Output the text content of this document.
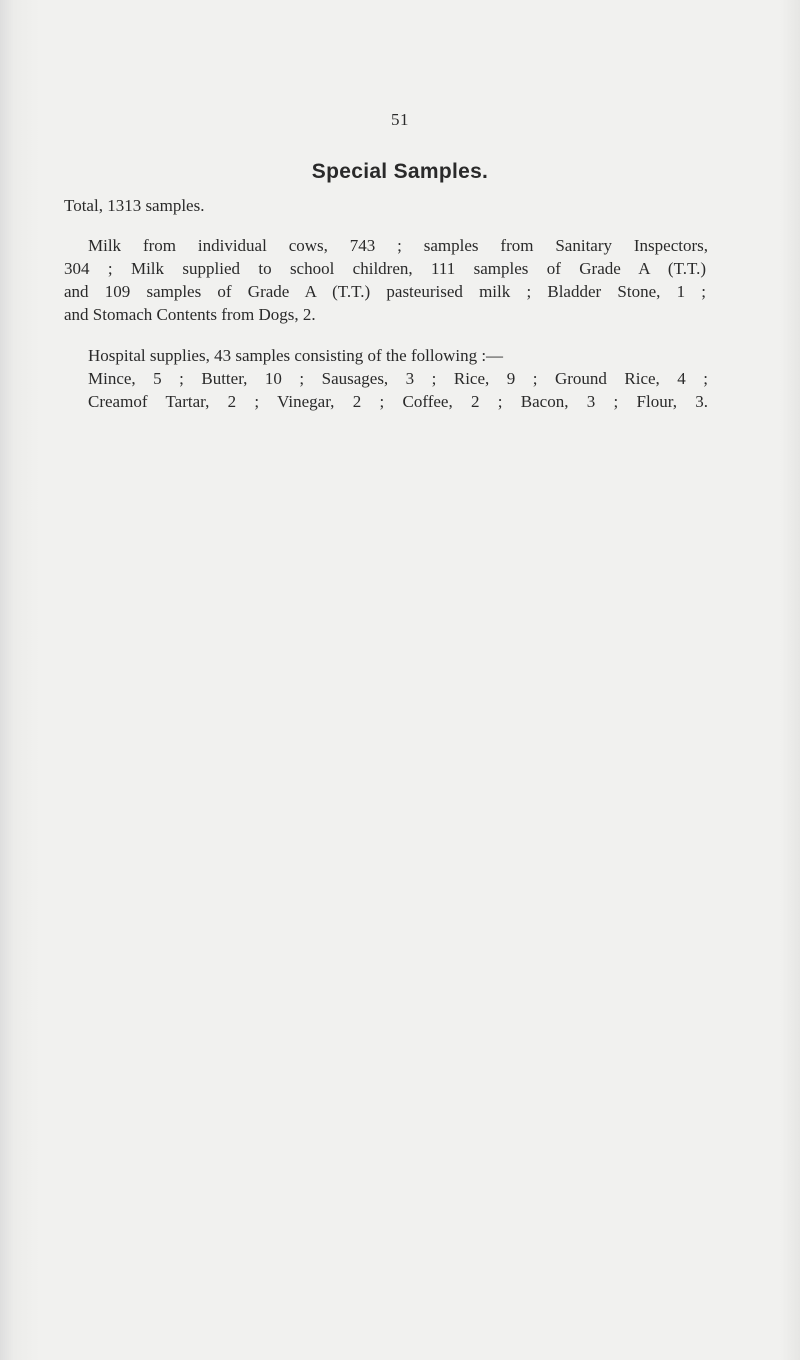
51
Special Samples.
Total, 1313 samples.
Milk from individual cows, 743 ; samples from Sanitary Inspectors,
304 ; Milk supplied to school children, 111 samples of Grade A (T.T.)
and 109 samples of Grade A (T.T.) pasteurised milk ; Bladder Stone, 1 ;
and Stomach Contents from Dogs, 2.
Hospital supplies, 43 samples consisting of the following :—
Mince, 5 ; Butter, 10 ; Sausages, 3 ; Rice, 9 ; Ground Rice, 4 ;
Creamof Tartar, 2 ; Vinegar, 2 ; Coffee, 2 ; Bacon, 3 ; Flour, 3.
